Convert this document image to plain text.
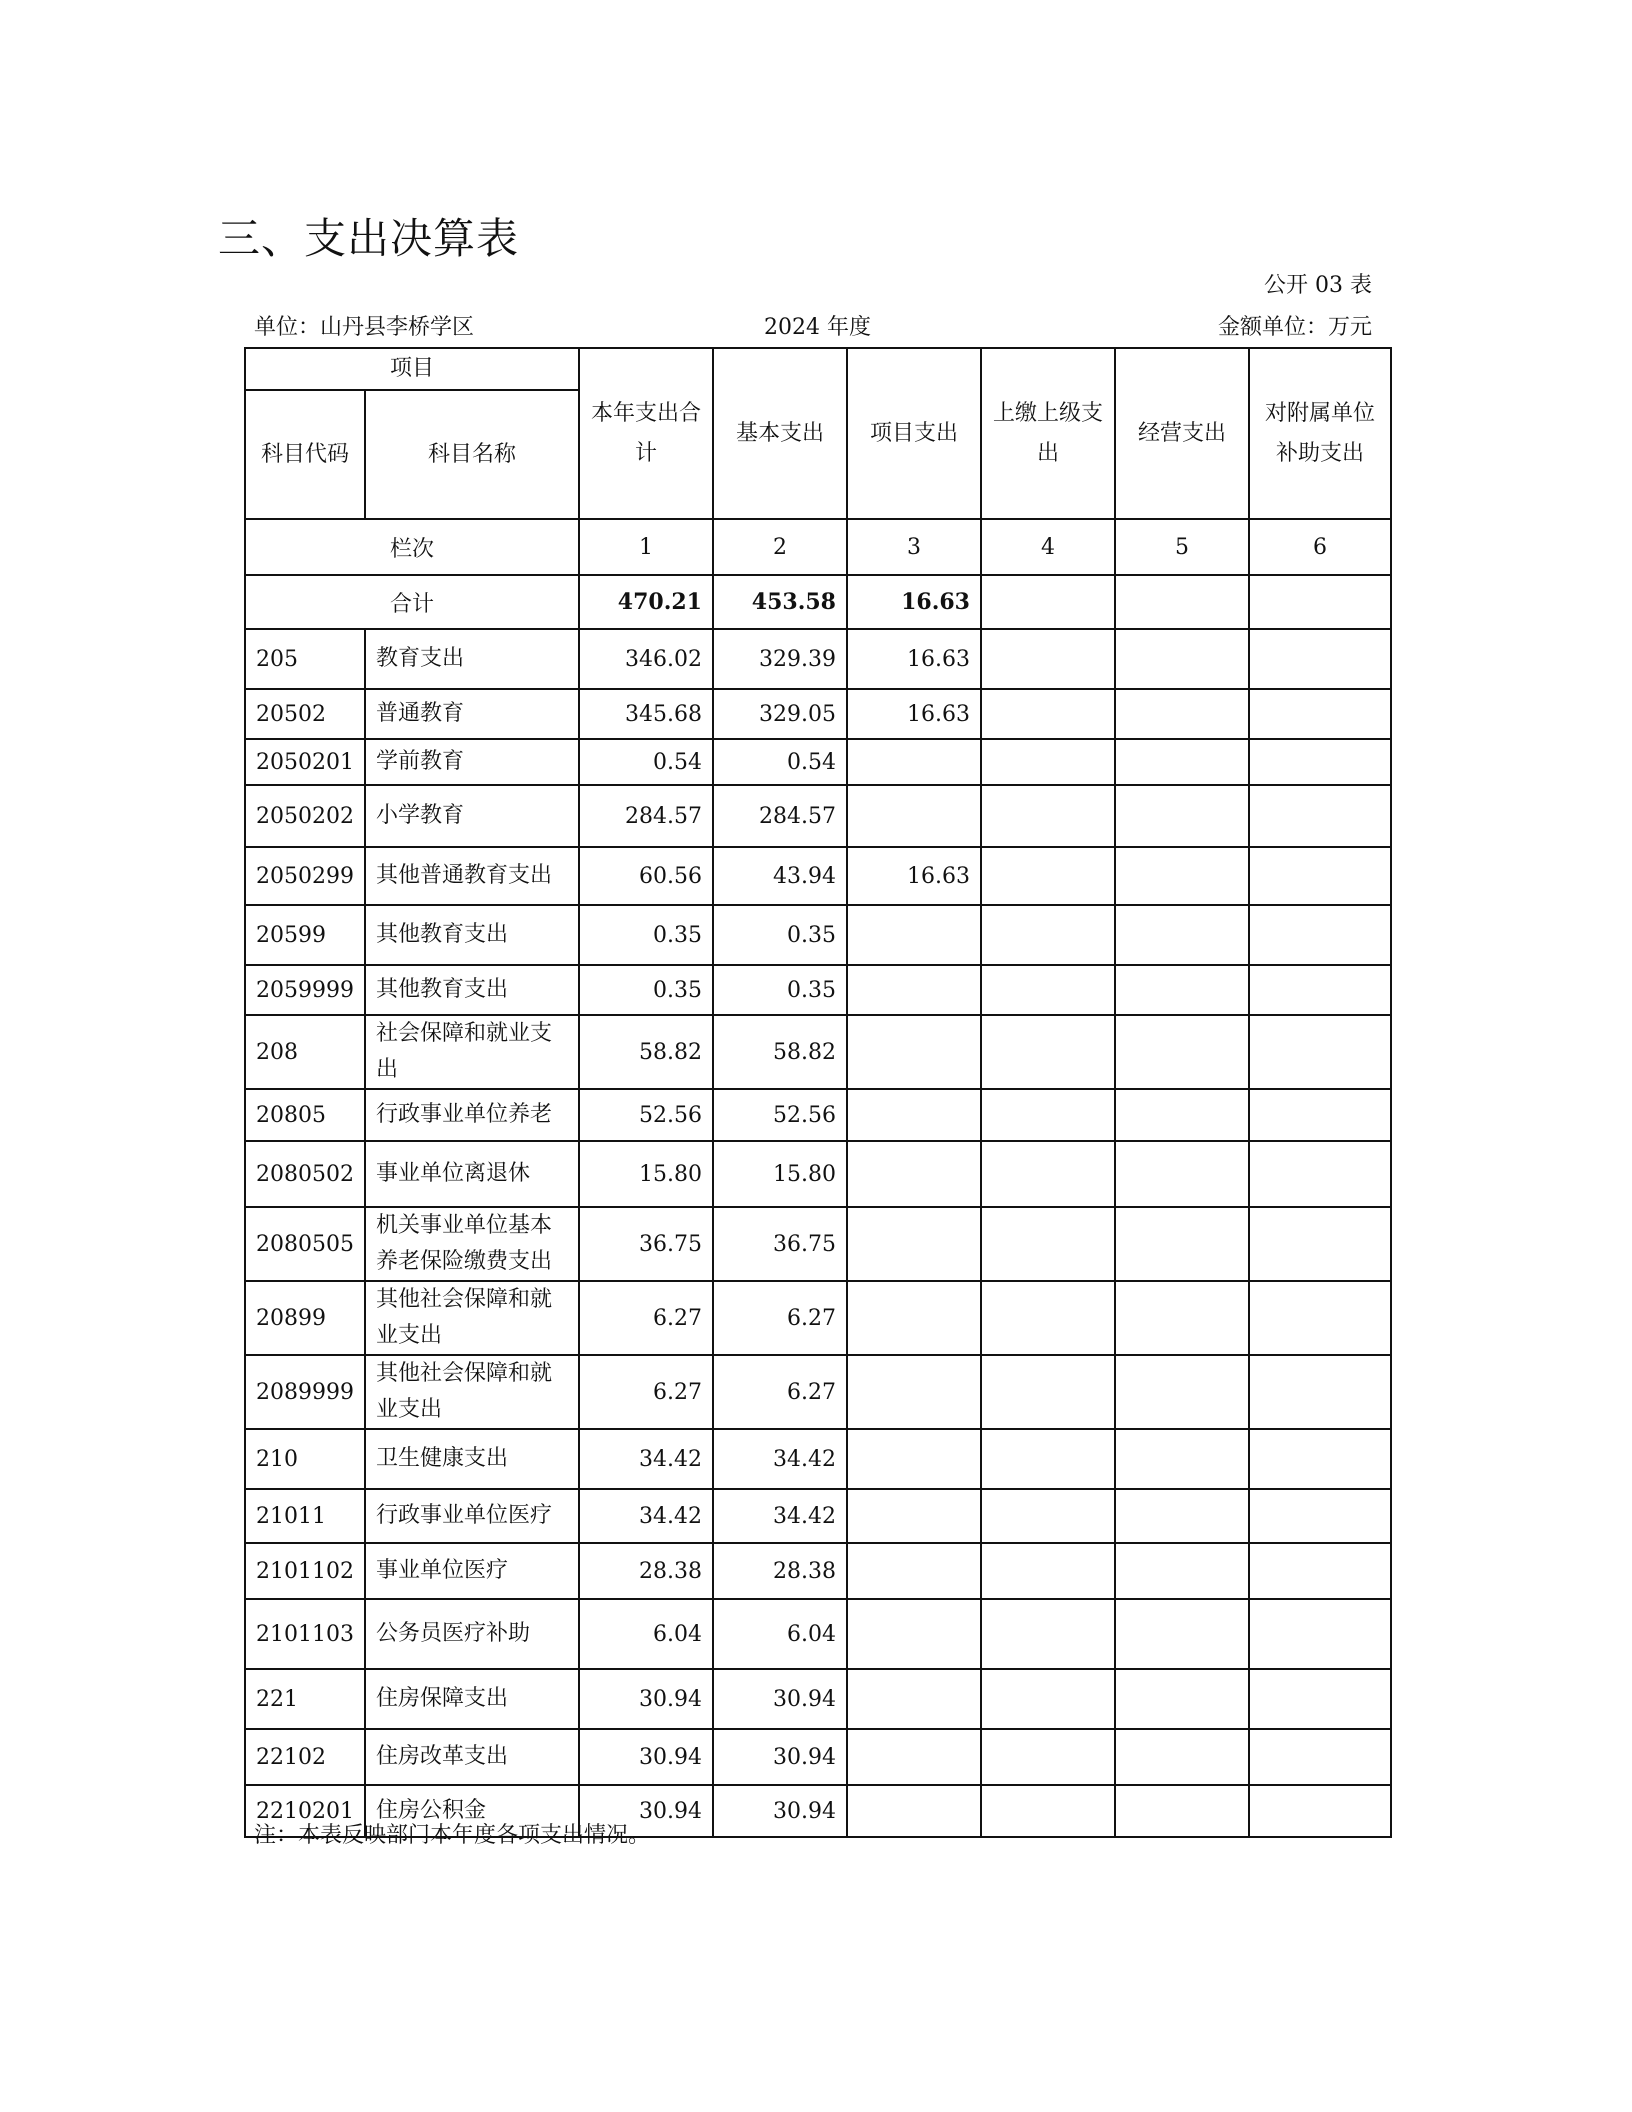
三、支出决算表
公开 03 表
单位：山丹县李桥学区	2024 年度	金额单位：万元
项目		本年支出合计	基本支出	项目支出	上缴上级支出	经营支出	对附属单位补助支出
科目代码	科目名称						
栏次		1	2	3	4	5	6
合计		470.21	453.58	16.63			
205	教育支出	346.02	329.39	16.63			
20502	普通教育	345.68	329.05	16.63			
2050201	学前教育	0.54	0.54				
2050202	小学教育	284.57	284.57				
2050299	其他普通教育支出	60.56	43.94	16.63			
20599	其他教育支出	0.35	0.35				
2059999	其他教育支出	0.35	0.35				
208	社会保障和就业支出	58.82	58.82				
20805	行政事业单位养老	52.56	52.56				
2080502	事业单位离退休	15.80	15.80				
2080505	机关事业单位基本养老保险缴费支出	36.75	36.75				
20899	其他社会保障和就业支出	6.27	6.27				
2089999	其他社会保障和就业支出	6.27	6.27				
210	卫生健康支出	34.42	34.42				
21011	行政事业单位医疗	34.42	34.42				
2101102	事业单位医疗	28.38	28.38				
2101103	公务员医疗补助	6.04	6.04				
221	住房保障支出	30.94	30.94				
22102	住房改革支出	30.94	30.94				
2210201	住房公积金	30.94	30.94				
注：本表反映部门本年度各项支出情况。
